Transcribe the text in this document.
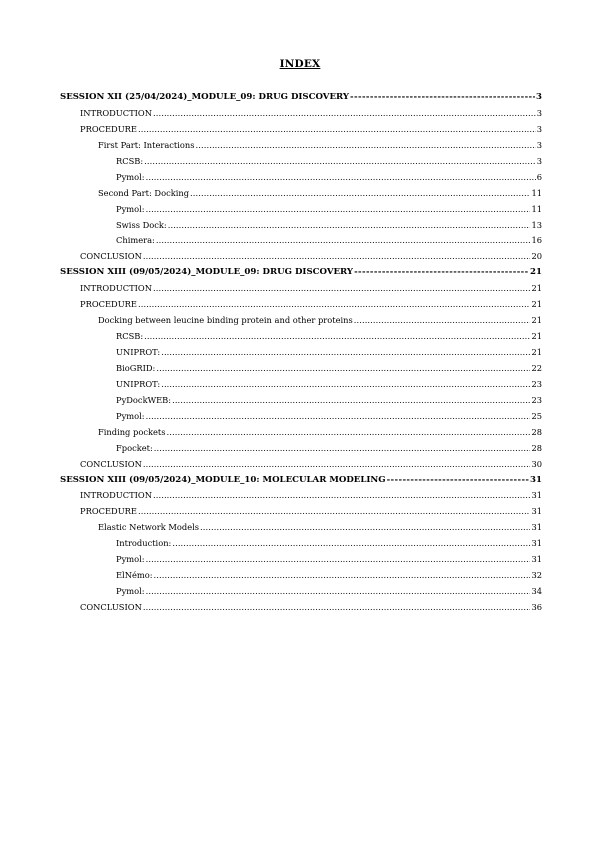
INDEX
SESSION XII (25/04/2024)_MODULE_09: DRUG DISCOVERY -----	3
INTRODUCTION .....	3
PROCEDURE .....	3
First Part: Interactions .....	3
RCSB: .....	3
Pymol: .....	6
Second Part: Docking .....	11
Pymol: .....	11
Swiss Dock: .....	13
Chimera: .....	16
CONCLUSION .....	20
SESSION XIII (09/05/2024)_MODULE_09: DRUG DISCOVERY -----	21
INTRODUCTION .....	21
PROCEDURE .....	21
Docking between leucine binding protein and other proteins .....	21
RCSB: .....	21
UNIPROT: .....	21
BioGRID: .....	22
UNIPROT: .....	23
PyDockWEB: .....	23
Pymol: .....	25
Finding pockets .....	28
Fpocket: .....	28
CONCLUSION .....	30
SESSION XIII (09/05/2024)_MODULE_10: MOLECULAR MODELING -----	31
INTRODUCTION .....	31
PROCEDURE .....	31
Elastic Network Models .....	31
Introduction: .....	31
Pymol: .....	31
ElNémo: .....	32
Pymol: .....	34
CONCLUSION .....	36
